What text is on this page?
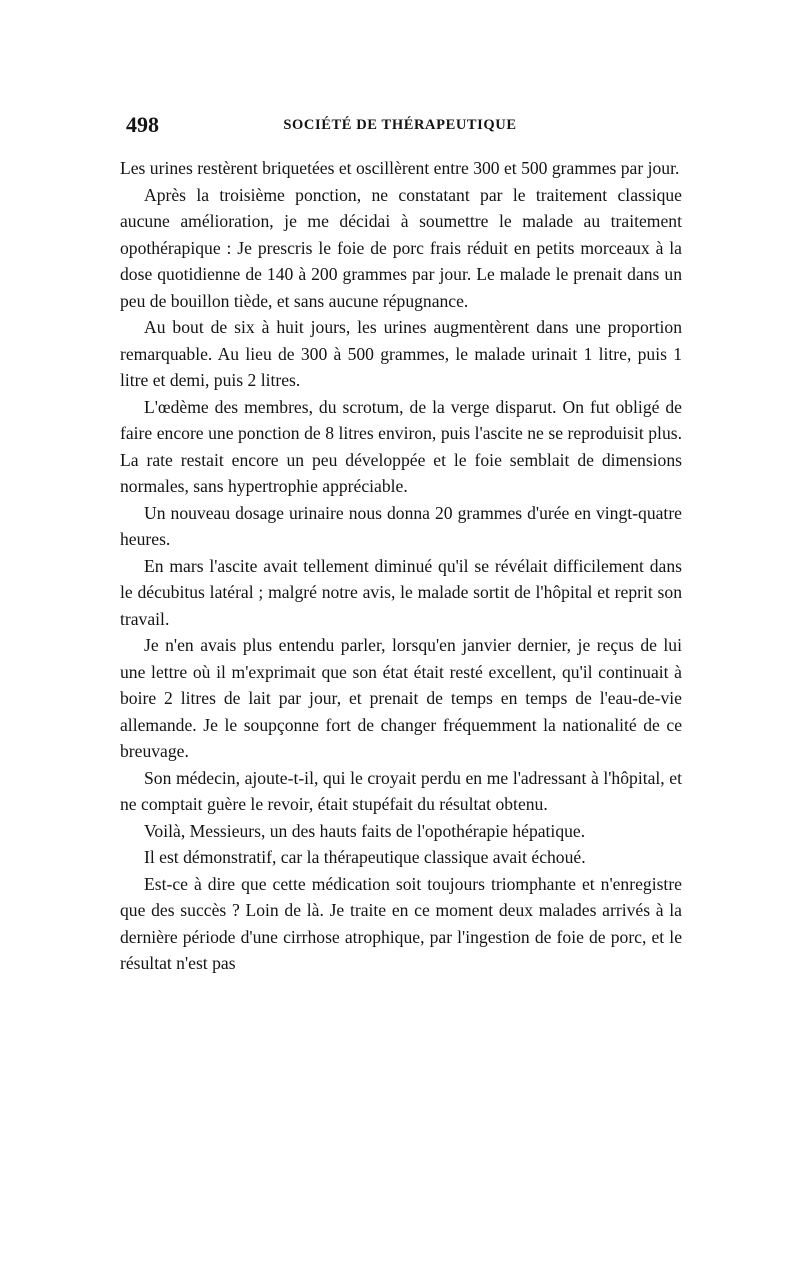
498	SOCIÉTÉ DE THÉRAPEUTIQUE

Les urines restèrent briquetées et oscillèrent entre 300 et 500 grammes par jour.

Après la troisième ponction, ne constatant par le traitement classique aucune amélioration, je me décidai à soumettre le malade au traitement opothérapique : Je prescris le foie de porc frais réduit en petits morceaux à la dose quotidienne de 140 à 200 grammes par jour. Le malade le prenait dans un peu de bouillon tiède, et sans aucune répugnance.

Au bout de six à huit jours, les urines augmentèrent dans une proportion remarquable. Au lieu de 300 à 500 grammes, le malade urinait 1 litre, puis 1 litre et demi, puis 2 litres.

L'œdème des membres, du scrotum, de la verge disparut. On fut obligé de faire encore une ponction de 8 litres environ, puis l'ascite ne se reproduisit plus. La rate restait encore un peu développée et le foie semblait de dimensions normales, sans hypertrophie appréciable.

Un nouveau dosage urinaire nous donna 20 grammes d'urée en vingt-quatre heures.

En mars l'ascite avait tellement diminué qu'il se révélait difficilement dans le décubitus latéral ; malgré notre avis, le malade sortit de l'hôpital et reprit son travail.

Je n'en avais plus entendu parler, lorsqu'en janvier dernier, je reçus de lui une lettre où il m'exprimait que son état était resté excellent, qu'il continuait à boire 2 litres de lait par jour, et prenait de temps en temps de l'eau-de-vie allemande. Je le soupçonne fort de changer fréquemment la nationalité de ce breuvage.

Son médecin, ajoute-t-il, qui le croyait perdu en me l'adressant à l'hôpital, et ne comptait guère le revoir, était stupéfait du résultat obtenu.

Voilà, Messieurs, un des hauts faits de l'opothérapie hépatique.

Il est démonstratif, car la thérapeutique classique avait échoué.

Est-ce à dire que cette médication soit toujours triomphante et n'enregistre que des succès ? Loin de là. Je traite en ce moment deux malades arrivés à la dernière période d'une cirrhose atrophique, par l'ingestion de foie de porc, et le résultat n'est pas
